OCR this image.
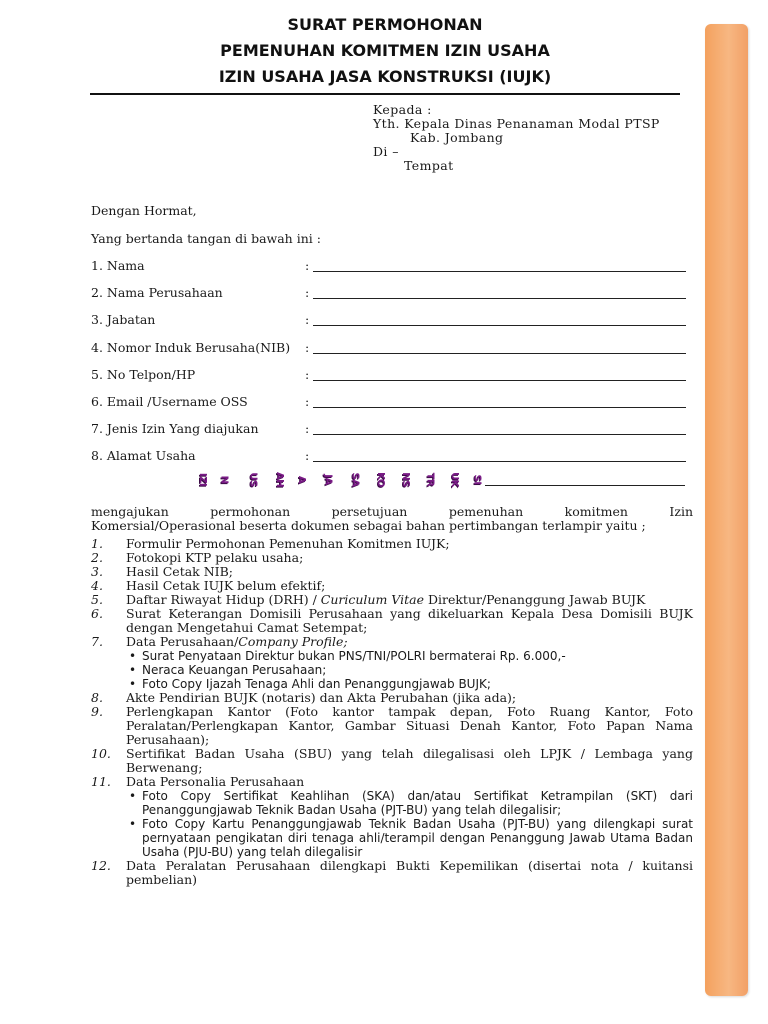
SURAT PERMOHONAN
PEMENUHAN KOMITMEN IZIN USAHA
IZIN USAHA JASA KONSTRUKSI (IUJK)
Kepada :
Yth. Kepala Dinas Penanaman Modal PTSP
Kab. Jombang
Di –
Tempat
Dengan Hormat,
Yang bertanda tangan di bawah ini :
1. Nama	:
2. Nama Perusahaan	:
3. Jabatan	:
4. Nomor Induk Berusaha(NIB) :
5. No Telpon/HP	:
6. Email /Username OSS	:
7. Jenis Izin Yang diajukan	:
8. Alamat Usaha	:
IZI N US AH A JA SA KO NS TR UK SI
mengajukan permohonan persetujuan pemenuhan komitmen Izin
Komersial/Operasional beserta dokumen sebagai bahan pertimbangan terlampir yaitu ;
1. Formulir Permohonan Pemenuhan Komitmen IUJK;
2. Fotokopi KTP pelaku usaha;
3. Hasil Cetak NIB;
4. Hasil Cetak IUJK belum efektif;
5. Daftar Riwayat Hidup (DRH) / Curiculum Vitae Direktur/Penanggung Jawab BUJK
6. Surat Keterangan Domisili Perusahaan yang dikeluarkan Kepala Desa Domisili BUJK dengan Mengetahui Camat Setempat;
7. Data Perusahaan/Company Profile;
• Surat Penyataan Direktur bukan PNS/TNI/POLRI bermaterai Rp. 6.000,-
• Neraca Keuangan Perusahaan;
• Foto Copy Ijazah Tenaga Ahli dan Penanggungjawab BUJK;
8. Akte Pendirian BUJK (notaris) dan Akta Perubahan (jika ada);
9. Perlengkapan Kantor (Foto kantor tampak depan, Foto Ruang Kantor, Foto Peralatan/Perlengkapan Kantor, Gambar Situasi Denah Kantor, Foto Papan Nama Perusahaan);
10. Sertifikat Badan Usaha (SBU) yang telah dilegalisasi oleh LPJK / Lembaga yang Berwenang;
11. Data Personalia Perusahaan
• Foto Copy Sertifikat Keahlihan (SKA) dan/atau Sertifikat Ketrampilan (SKT) dari Penanggungjawab Teknik Badan Usaha (PJT-BU) yang telah dilegalisir;
• Foto Copy Kartu Penanggungjawab Teknik Badan Usaha (PJT-BU) yang dilengkapi surat pernyataan pengikatan diri tenaga ahli/terampil dengan Penanggung Jawab Utama Badan Usaha (PJU-BU) yang telah dilegalisir
12. Data Peralatan Perusahaan dilengkapi Bukti Kepemilikan (disertai nota / kuitansi pembelian)
